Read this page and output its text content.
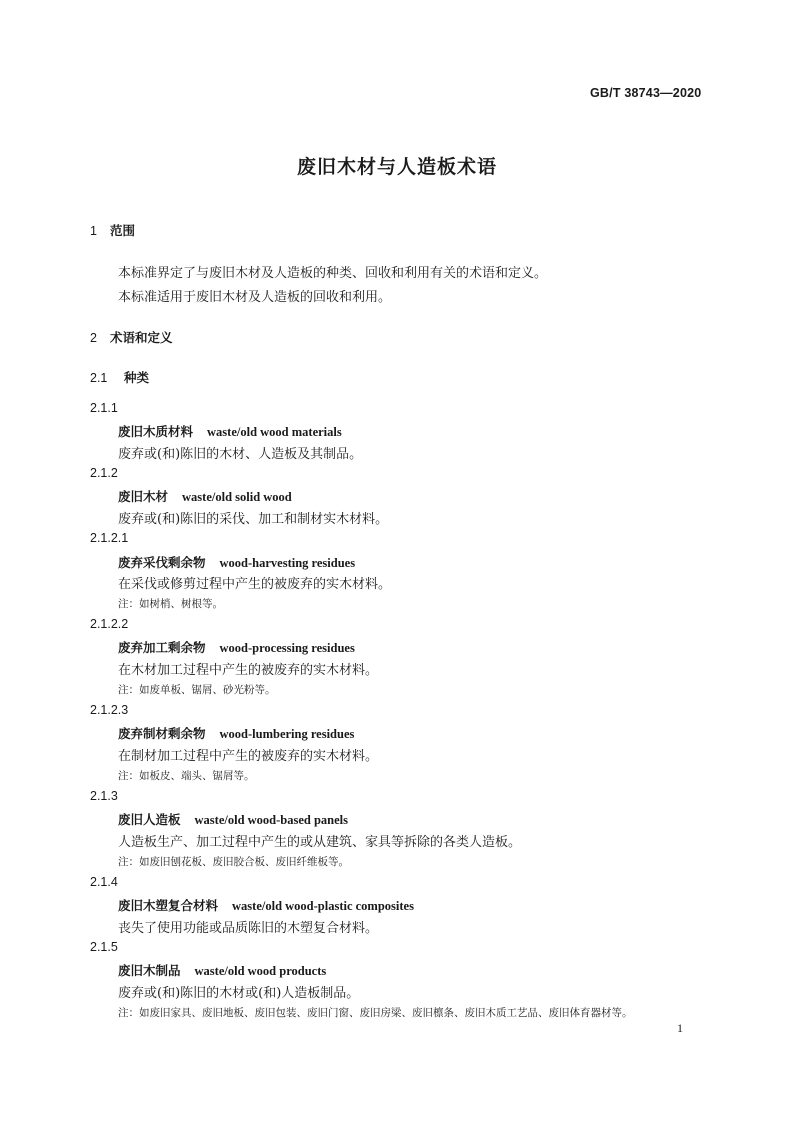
GB/T 38743—2020
废旧木材与人造板术语
1 范围
本标准界定了与废旧木材及人造板的种类、回收和利用有关的术语和定义。
本标准适用于废旧木材及人造板的回收和利用。
2 术语和定义
2.1 种类
2.1.1
废旧木质材料 waste/old wood materials
废弃或(和)陈旧的木材、人造板及其制品。
2.1.2
废旧木材 waste/old solid wood
废弃或(和)陈旧的采伐、加工和制材实木材料。
2.1.2.1
废弃采伐剩余物 wood-harvesting residues
在采伐或修剪过程中产生的被废弃的实木材料。
注：如树梢、树根等。
2.1.2.2
废弃加工剩余物 wood-processing residues
在木材加工过程中产生的被废弃的实木材料。
注：如废单板、锯屑、砂光粉等。
2.1.2.3
废弃制材剩余物 wood-lumbering residues
在制材加工过程中产生的被废弃的实木材料。
注：如板皮、端头、锯屑等。
2.1.3
废旧人造板 waste/old wood-based panels
人造板生产、加工过程中产生的或从建筑、家具等拆除的各类人造板。
注：如废旧刨花板、废旧胶合板、废旧纤维板等。
2.1.4
废旧木塑复合材料 waste/old wood-plastic composites
丧失了使用功能或品质陈旧的木塑复合材料。
2.1.5
废旧木制品 waste/old wood products
废弃或(和)陈旧的木材或(和)人造板制品。
注：如废旧家具、废旧地板、废旧包装、废旧门窗、废旧房梁、废旧檩条、废旧木质工艺品、废旧体育器材等。
1
